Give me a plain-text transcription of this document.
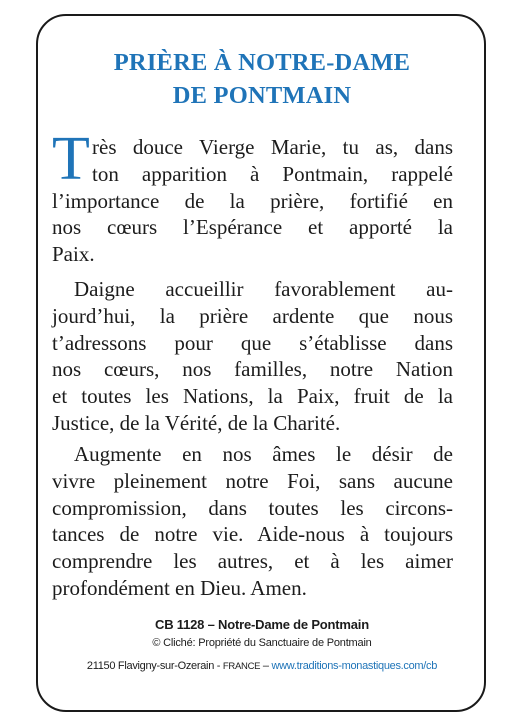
PRIÈRE À NOTRE-DAME
DE PONTMAIN
T rès douce Vierge Marie, tu as, dans
ton apparition à Pontmain, rappelé
l’importance de la prière, fortifié en
nos cœurs l’Espérance et apporté la
Paix.

Daigne accueillir favorablement au-
jourd’hui, la prière ardente que nous
t’adressons pour que s’établisse dans
nos cœurs, nos familles, notre Nation
et toutes les Nations, la Paix, fruit de la
Justice, de la Vérité, de la Charité.

Augmente en nos âmes le désir de
vivre pleinement notre Foi, sans aucune
compromission, dans toutes les circons-
tances de notre vie. Aide-nous à toujours
comprendre les autres, et à les aimer
profondément en Dieu. Amen.

CB 1128 – Notre-Dame de Pontmain

© Cliché: Propriété du Sanctuaire de Pontmain

21150 Flavigny-sur-Ozerain - FRANCE – www.traditions-monastiques.com/cb
